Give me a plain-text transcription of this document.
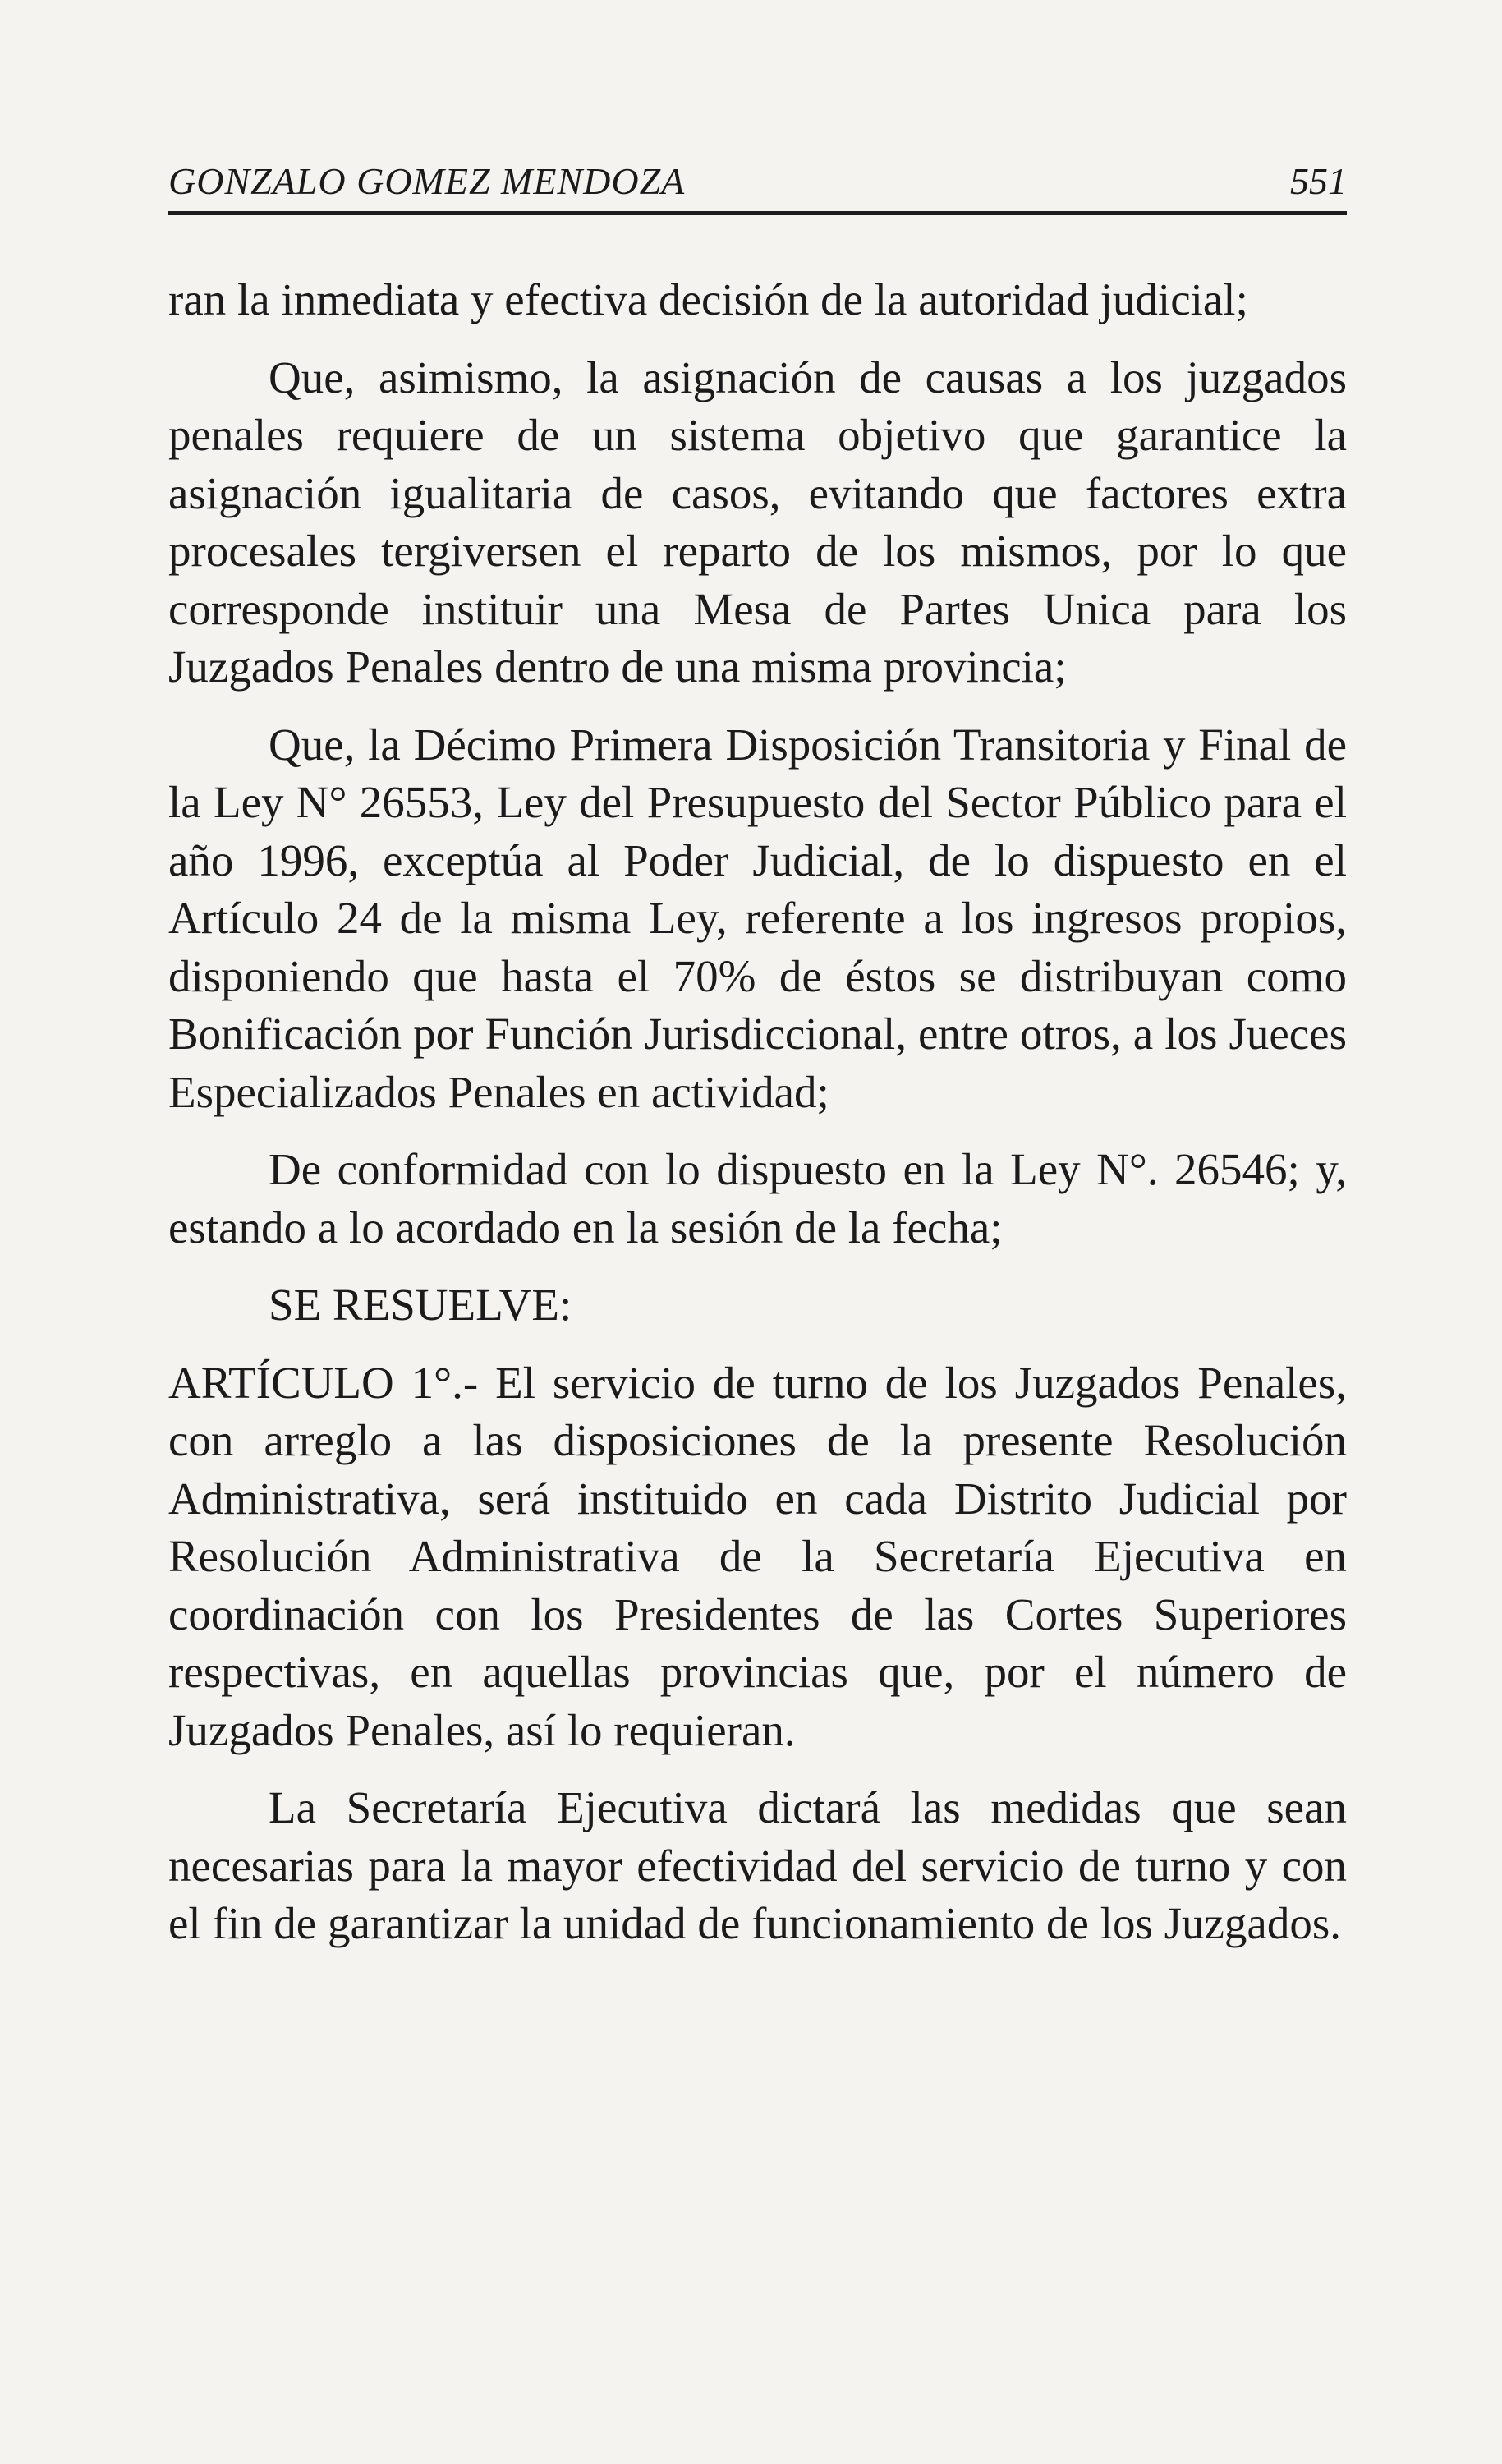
GONZALO GOMEZ MENDOZA	551

ran la inmediata y efectiva decisión de la autoridad judicial;

Que, asimismo, la asignación de causas a los juzgados penales requiere de un sistema objetivo que garantice la asignación igualitaria de casos, evitando que factores extra procesales tergiversen el reparto de los mismos, por lo que corresponde instituir una Mesa de Partes Unica para los Juzgados Penales dentro de una misma provincia;

Que, la Décimo Primera Disposición Transitoria y Final de la Ley N° 26553, Ley del Presupuesto del Sector Público para el año 1996, exceptúa al Poder Judicial, de lo dispuesto en el Artículo 24 de la misma Ley, referente a los ingresos propios, disponiendo que hasta el 70% de éstos se distribuyan como Bonificación por Función Jurisdiccional, entre otros, a los Jueces Especializados Penales en actividad;

De conformidad con lo dispuesto en la Ley N°. 26546; y, estando a lo acordado en la sesión de la fecha;

SE RESUELVE:

ARTÍCULO 1°.- El servicio de turno de los Juzgados Penales, con arreglo a las disposiciones de la presente Resolución Administrativa, será instituido en cada Distrito Judicial por Resolución Administrativa de la Secretaría Ejecutiva en coordinación con los Presidentes de las Cortes Superiores respectivas, en aquellas provincias que, por el número de Juzgados Penales, así lo requieran.

La Secretaría Ejecutiva dictará las medidas que sean necesarias para la mayor efectividad del servicio de turno y con el fin de garantizar la unidad de funcionamiento de los Juzgados.
